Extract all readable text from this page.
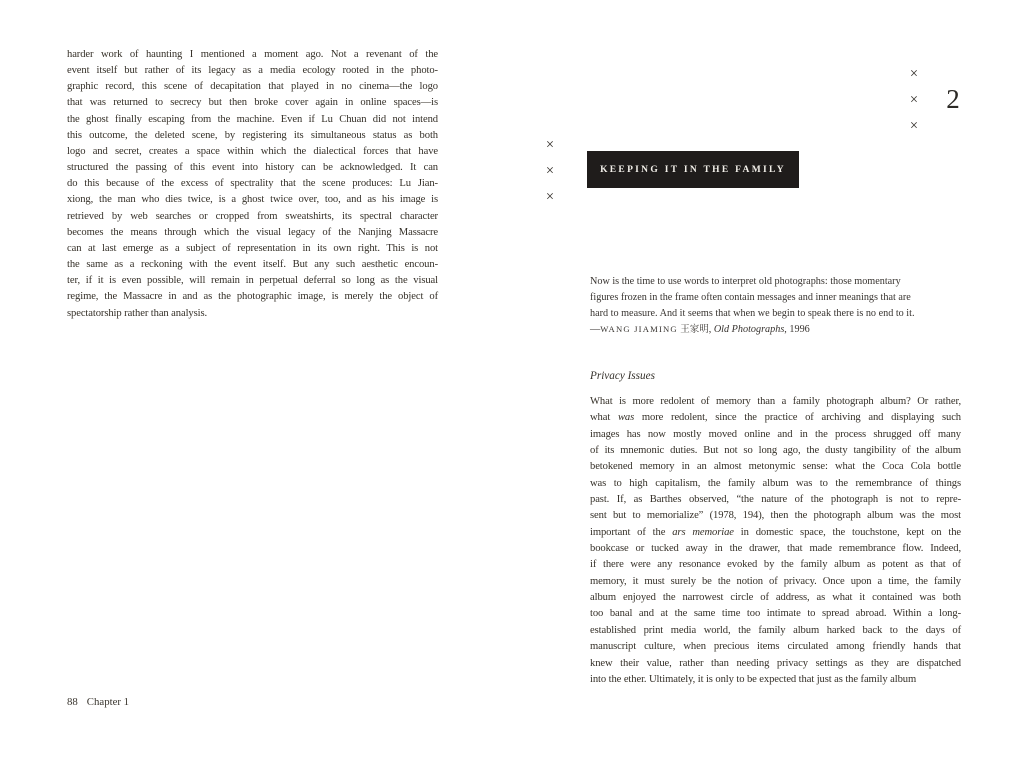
harder work of haunting I mentioned a moment ago. Not a revenant of the
event itself but rather of its legacy as a media ecology rooted in the photo-
graphic record, this scene of decapitation that played in no cinema—the logo
that was returned to secrecy but then broke cover again in online spaces—is
the ghost finally escaping from the machine. Even if Lu Chuan did not intend
this outcome, the deleted scene, by registering its simultaneous status as both
logo and secret, creates a space within which the dialectical forces that have
structured the passing of this event into history can be acknowledged. It can
do this because of the excess of spectrality that the scene produces: Lu Jian-
xiong, the man who dies twice, is a ghost twice over, too, and as his image is
retrieved by web searches or cropped from sweatshirts, its spectral character
becomes the means through which the visual legacy of the Nanjing Massacre
can at last emerge as a subject of representation in its own right. This is not
the same as a reckoning with the event itself. But any such aesthetic encoun-
ter, if it is even possible, will remain in perpetual deferral so long as the visual
regime, the Massacre in and as the photographic image, is merely the object of
spectatorship rather than analysis.
88 Chapter 1
×
×
×
2
×
×
×
KEEPING IT IN THE FAMILY
Now is the time to use words to interpret old photographs: those momentary
figures frozen in the frame often contain messages and inner meanings that are
hard to measure. And it seems that when we begin to speak there is no end to it.
—WANG JIAMING 王家明, Old Photographs, 1996
Privacy Issues
What is more redolent of memory than a family photograph album? Or rather,
what was more redolent, since the practice of archiving and displaying such
images has now mostly moved online and in the process shrugged off many
of its mnemonic duties. But not so long ago, the dusty tangibility of the album
betokened memory in an almost metonymic sense: what the Coca Cola bottle
was to high capitalism, the family album was to the remembrance of things
past. If, as Barthes observed, “the nature of the photograph is not to repre-
sent but to memorialize” (1978, 194), then the photograph album was the most
important of the ars memoriae in domestic space, the touchstone, kept on the
bookcase or tucked away in the drawer, that made remembrance flow. Indeed,
if there were any resonance evoked by the family album as potent as that of
memory, it must surely be the notion of privacy. Once upon a time, the family
album enjoyed the narrowest circle of address, as what it contained was both
too banal and at the same time too intimate to spread abroad. Within a long-
established print media world, the family album harked back to the days of
manuscript culture, when precious items circulated among friendly hands that
knew their value, rather than needing privacy settings as they are dispatched
into the ether. Ultimately, it is only to be expected that just as the family album
